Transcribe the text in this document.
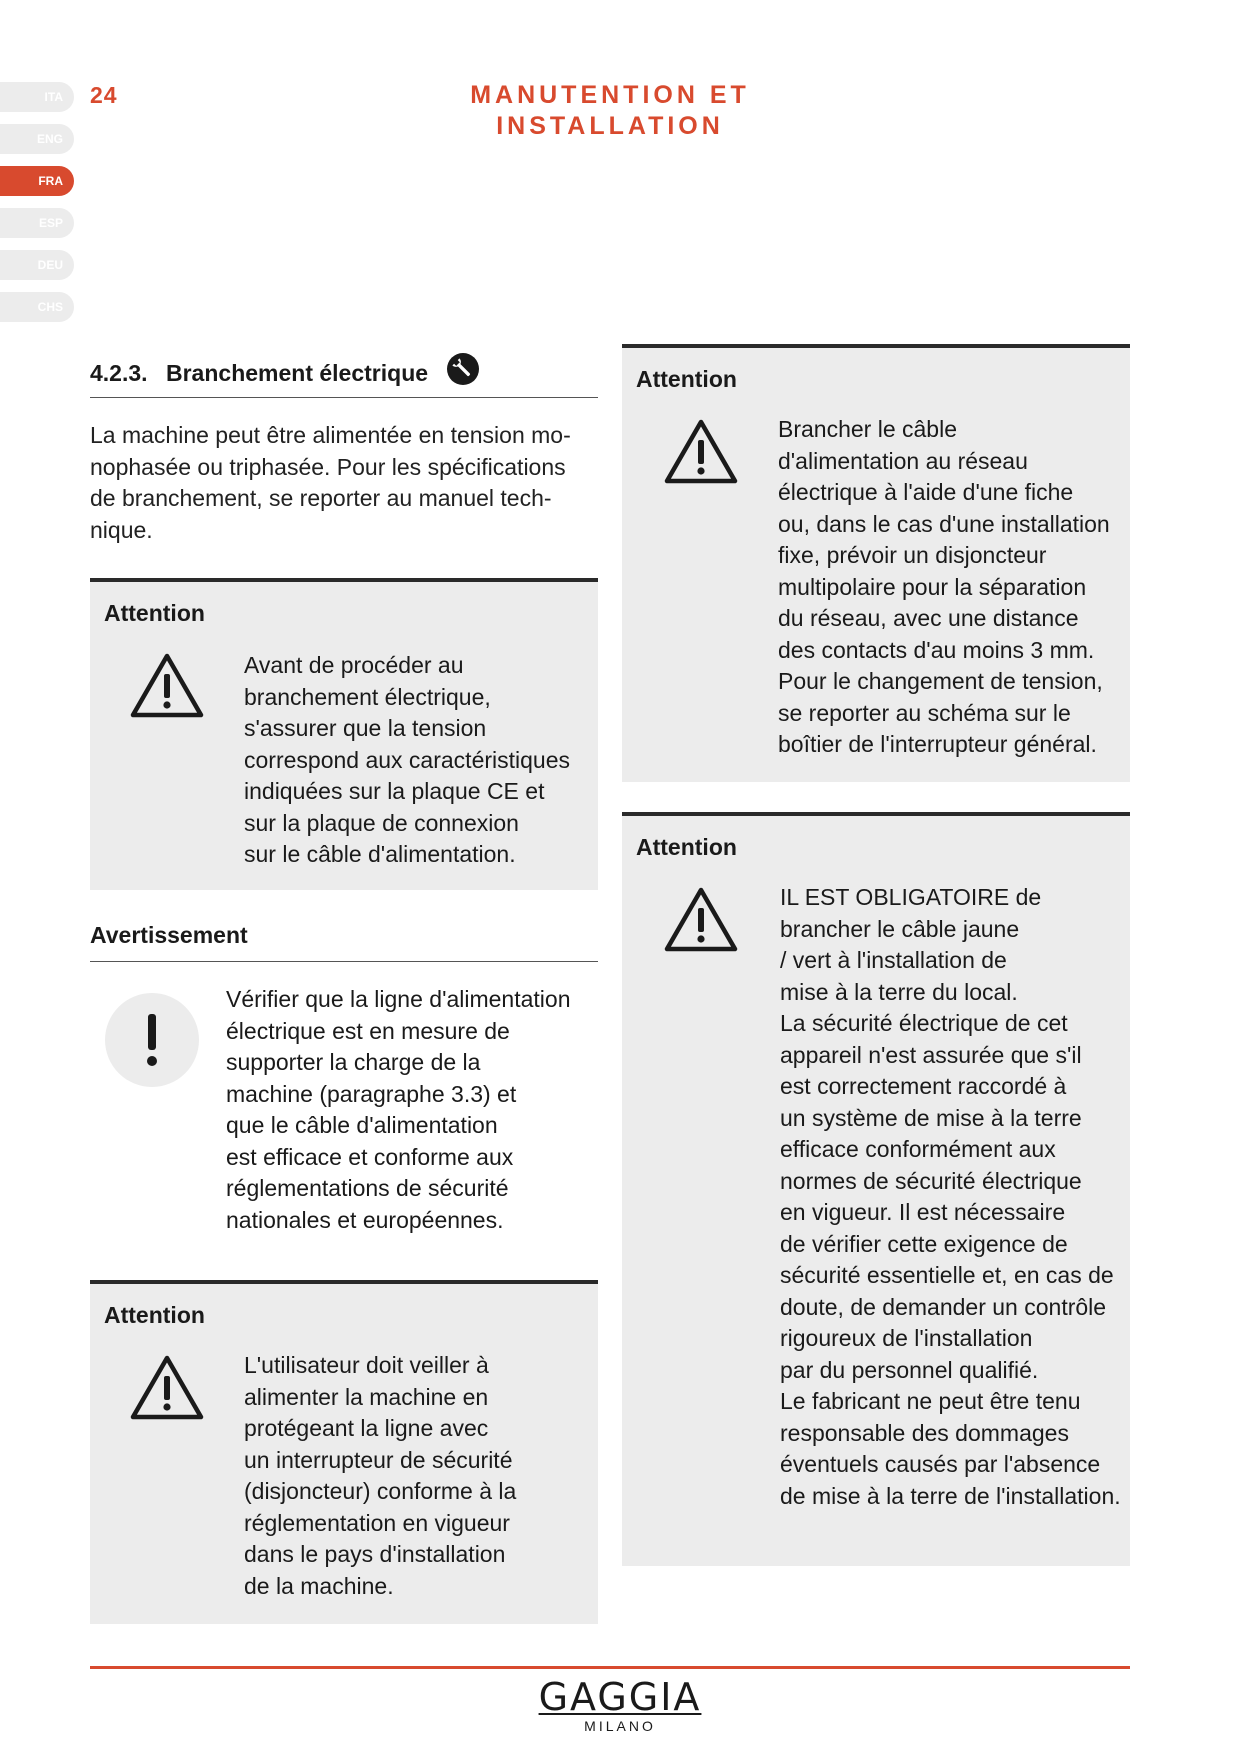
ITA
ENG
FRA
ESP
DEU
CHS
24	MANUTENTION ET
INSTALLATION
4.2.3. Branchement électrique
La machine peut être alimentée en tension mo-
nophasée ou triphasée. Pour les spécifications
de branchement, se reporter au manuel tech-
nique.
Attention
Avant de procéder au
branchement électrique,
s'assurer que la tension
correspond aux caractéristiques
indiquées sur la plaque CE et
sur la plaque de connexion
sur le câble d'alimentation.
Avertissement
Vérifier que la ligne d'alimentation
électrique est en mesure de
supporter la charge de la
machine (paragraphe 3.3) et
que le câble d'alimentation
est efficace et conforme aux
réglementations de sécurité
nationales et européennes.
Attention
L'utilisateur doit veiller à
alimenter la machine en
protégeant la ligne avec
un interrupteur de sécurité
(disjoncteur) conforme à la
réglementation en vigueur
dans le pays d'installation
de la machine.
Attention
Brancher le câble
d'alimentation au réseau
électrique à l'aide d'une fiche
ou, dans le cas d'une installation
fixe, prévoir un disjoncteur
multipolaire pour la séparation
du réseau, avec une distance
des contacts d'au moins 3 mm.
Pour le changement de tension,
se reporter au schéma sur le
boîtier de l'interrupteur général.
Attention
IL EST OBLIGATOIRE de
brancher le câble jaune
/ vert à l'installation de
mise à la terre du local.
La sécurité électrique de cet
appareil n'est assurée que s'il
est correctement raccordé à
un système de mise à la terre
efficace conformément aux
normes de sécurité électrique
en vigueur. Il est nécessaire
de vérifier cette exigence de
sécurité essentielle et, en cas de
doute, de demander un contrôle
rigoureux de l'installation
par du personnel qualifié.
Le fabricant ne peut être tenu
responsable des dommages
éventuels causés par l'absence
de mise à la terre de l'installation.
GAGGIA
MILANO
